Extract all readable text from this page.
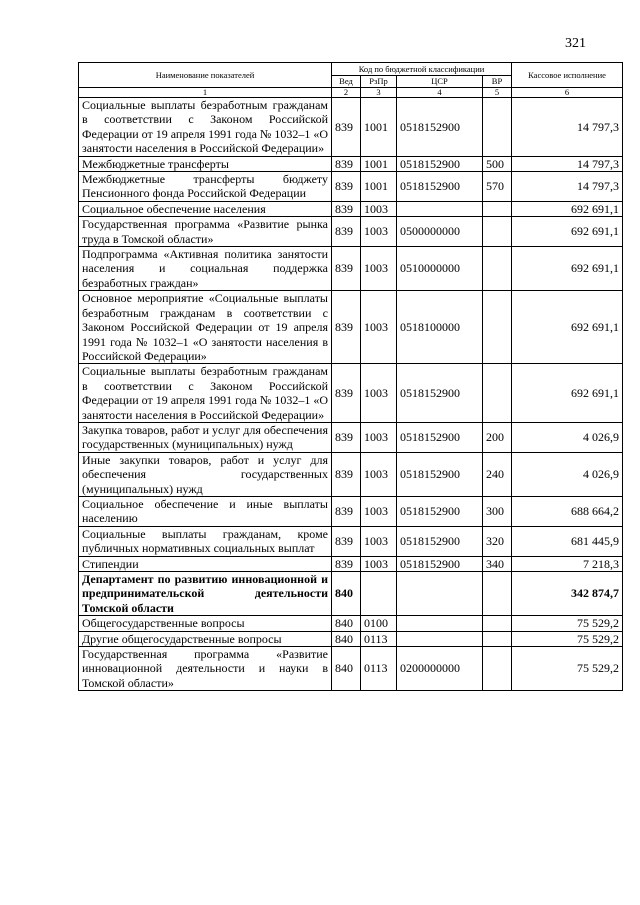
321
Наименование показателей	Код по бюджетной классификации				Кассовое исполнение
	Вед	РзПр	ЦСР	ВР	
1	2	3	4	5	6
Социальные выплаты безработным гражданам в соответствии с Законом Российской Федерации от 19 апреля 1991 года № 1032–1 «О занятости населения в Российской Федерации»	839	1001	0518152900		14 797,3
Межбюджетные трансферты	839	1001	0518152900	500	14 797,3
Межбюджетные трансферты бюджету Пенсионного фонда Российской Федерации	839	1001	0518152900	570	14 797,3
Социальное обеспечение населения	839	1003			692 691,1
Государственная программа «Развитие рынка труда в Томской области»	839	1003	0500000000		692 691,1
Подпрограмма «Активная политика занятости населения и социальная поддержка безработных граждан»	839	1003	0510000000		692 691,1
Основное мероприятие «Социальные выплаты безработным гражданам в соответствии с Законом Российской Федерации от 19 апреля 1991 года № 1032–1 «О занятости населения в Российской Федерации»	839	1003	0518100000		692 691,1
Социальные выплаты безработным гражданам в соответствии с Законом Российской Федерации от 19 апреля 1991 года № 1032–1 «О занятости населения в Российской Федерации»	839	1003	0518152900		692 691,1
Закупка товаров, работ и услуг для обеспечения государственных (муниципальных) нужд	839	1003	0518152900	200	4 026,9
Иные закупки товаров, работ и услуг для обеспечения государственных (муниципальных) нужд	839	1003	0518152900	240	4 026,9
Социальное обеспечение и иные выплаты населению	839	1003	0518152900	300	688 664,2
Социальные выплаты гражданам, кроме публичных нормативных социальных выплат	839	1003	0518152900	320	681 445,9
Стипендии	839	1003	0518152900	340	7 218,3
Департамент по развитию инновационной и предпринимательской деятельности Томской области	840				342 874,7
Общегосударственные вопросы	840	0100			75 529,2
Другие общегосударственные вопросы	840	0113			75 529,2
Государственная программа «Развитие инновационной деятельности и науки в Томской области»	840	0113	0200000000		75 529,2
